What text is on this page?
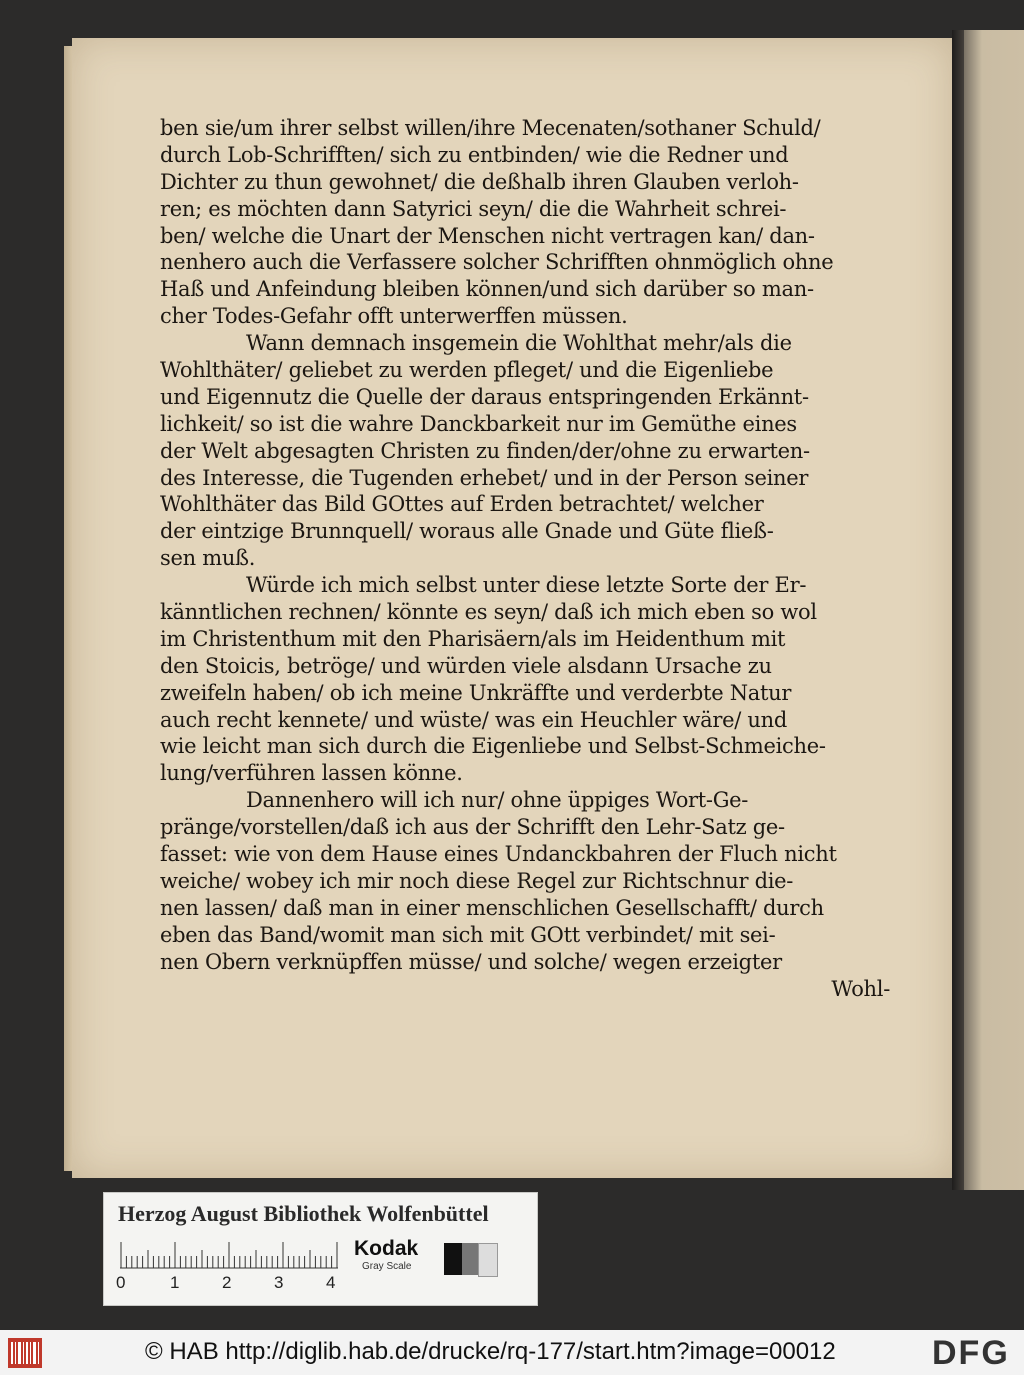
ben sie/um ihrer selbst willen/ihre Mecenaten/sothaner Schuld/
durch Lob-Schrifften/ sich zu entbinden/ wie die Redner und
Dichter zu thun gewohnet/ die deßhalb ihren Glauben verloh-
ren; es möchten dann Satyrici seyn/ die die Wahrheit schrei-
ben/ welche die Unart der Menschen nicht vertragen kan/ dan-
nenhero auch die Verfassere solcher Schrifften ohnmöglich ohne
Haß und Anfeindung bleiben können/und sich darüber so man-
cher Todes-Gefahr offt unterwerffen müssen.
Wann demnach insgemein die Wohlthat mehr/als die
Wohlthäter/ geliebet zu werden pfleget/ und die Eigenliebe
und Eigennutz die Quelle der daraus entspringenden Erkännt-
lichkeit/ so ist die wahre Danckbarkeit nur im Gemüthe eines
der Welt abgesagten Christen zu finden/der/ohne zu erwarten-
des Interesse, die Tugenden erhebet/ und in der Person seiner
Wohlthäter das Bild GOttes auf Erden betrachtet/ welcher
der eintzige Brunnquell/ woraus alle Gnade und Güte fließ-
sen muß.
Würde ich mich selbst unter diese letzte Sorte der Er-
känntlichen rechnen/ könnte es seyn/ daß ich mich eben so wol
im Christenthum mit den Pharisäern/als im Heidenthum mit
den Stoicis, betröge/ und würden viele alsdann Ursache zu
zweifeln haben/ ob ich meine Unkräffte und verderbte Natur
auch recht kennete/ und wüste/ was ein Heuchler wäre/ und
wie leicht man sich durch die Eigenliebe und Selbst-Schmeiche-
lung/verführen lassen könne.
Dannenhero will ich nur/ ohne üppiges Wort-Ge-
pränge/vorstellen/daß ich aus der Schrifft den Lehr-Satz ge-
fasset: wie von dem Hause eines Undanckbahren der Fluch nicht
weiche/ wobey ich mir noch diese Regel zur Richtschnur die-
nen lassen/ daß man in einer menschlichen Gesellschafft/ durch
eben das Band/womit man sich mit GOtt verbindet/ mit sei-
nen Obern verknüpffen müsse/ und solche/ wegen erzeigter
Wohl-
Herzog August Bibliothek Wolfenbüttel
0	1	2	3	4
Kodak
Gray Scale
© HAB http://diglib.hab.de/drucke/rq-177/start.htm?image=00012	DFG
